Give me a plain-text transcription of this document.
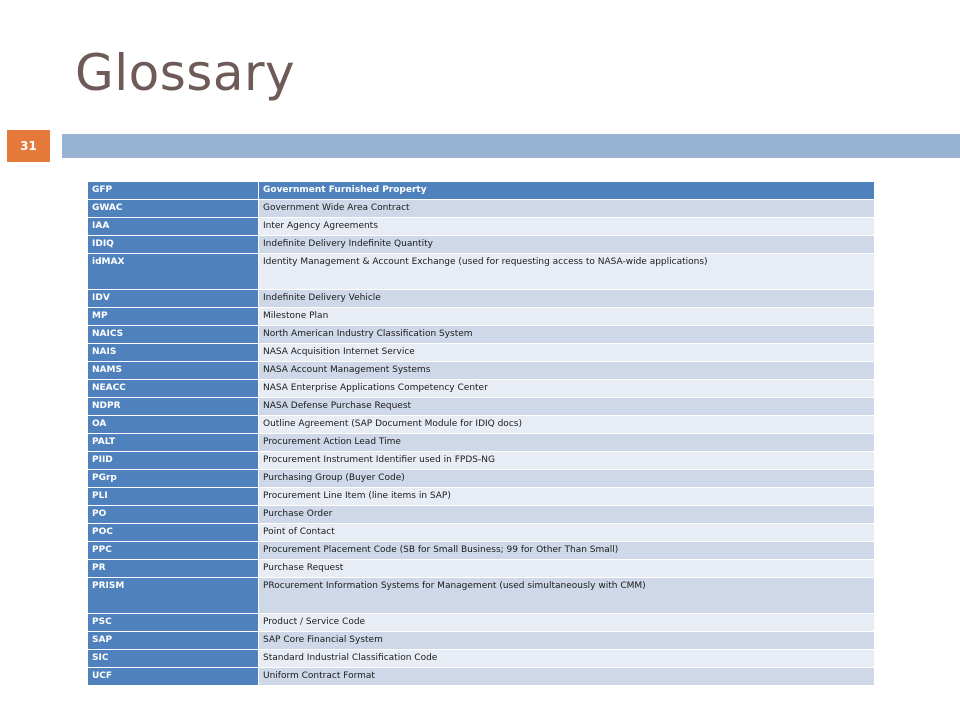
Glossary
31
GFP	Government Furnished Property
GWAC	Government Wide Area Contract
IAA	Inter Agency Agreements
IDIQ	Indefinite Delivery Indefinite Quantity
idMAX	Identity Management & Account Exchange (used for requesting access to NASA-wide applications)
IDV	Indefinite Delivery Vehicle
MP	Milestone Plan
NAICS	North American Industry Classification System
NAIS	NASA Acquisition Internet Service
NAMS	NASA Account Management Systems
NEACC	NASA Enterprise Applications Competency Center
NDPR	NASA Defense Purchase Request
OA	Outline Agreement (SAP Document Module for IDIQ docs)
PALT	Procurement Action Lead Time
PIID	Procurement Instrument Identifier used in FPDS-NG
PGrp	Purchasing Group (Buyer Code)
PLI	Procurement Line Item (line items in SAP)
PO	Purchase Order
POC	Point of Contact
PPC	Procurement Placement Code (SB for Small Business; 99 for Other Than Small)
PR	Purchase Request
PRISM	PRocurement Information Systems for Management (used simultaneously with CMM)
PSC	Product / Service Code
SAP	SAP Core Financial System
SIC	Standard Industrial Classification Code
UCF	Uniform Contract Format
